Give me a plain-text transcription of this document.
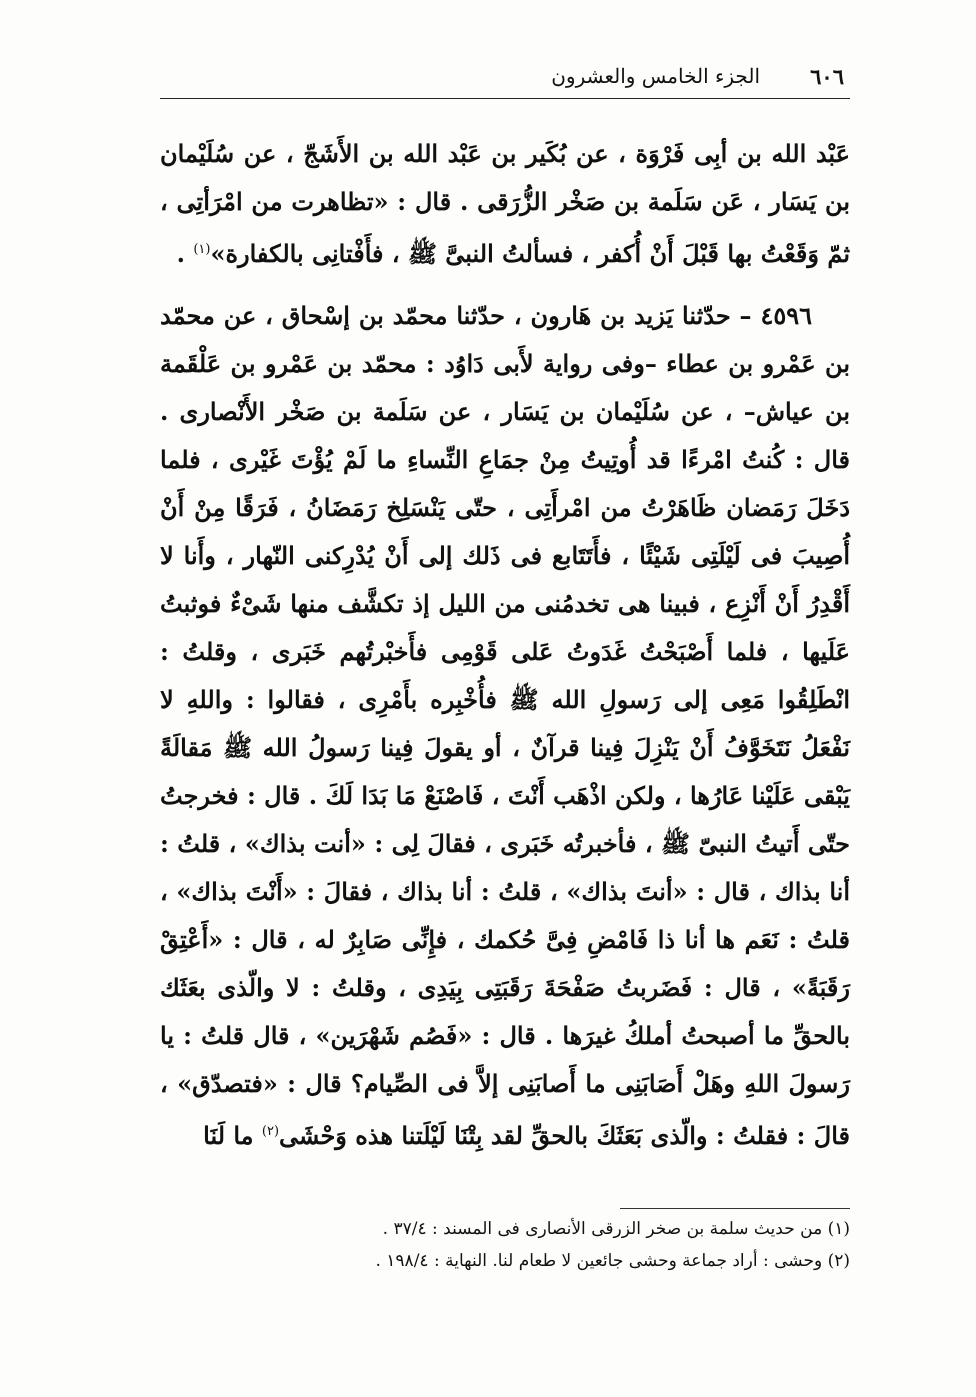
٦٠٦
الجزء الخامس والعشرون

عَبْد الله بن أبِى فَرْوَة ، عن بُكَير بن عَبْد الله بن الأَشَجّ ، عن سُلَيْمان بن يَسَار ، عَن سَلَمة بن صَخْر الزُّرَقى . قال : «تظاهرت من امْرَأتِى ، ثمّ وَقَعْتُ بها قَبْلَ أَنْ أُكفر ، فسألتُ النبىَّ ﷺ ، فأَفْتانِى بالكفارة»$^{(١)}$ .

٤٥٩٦ – حدّثنا يَزيد بن هَارون ، حدّثنا محمّد بن إسْحاق ، عن محمّد بن عَمْرو بن عطاء –وفى رواية لأَبى دَاوُد : محمّد بن عَمْرو بن عَلْقَمة بن عياش– ، عن سُلَيْمان بن يَسَار ، عن سَلَمة بن صَخْر الأَنْصارى . قال : كُنتُ امْرءًا قد أُوتِيتُ مِنْ جمَاعِ النِّساءِ ما لَمْ يُؤْتَ غَيْرى ، فلما دَخَلَ رَمَضان ظَاهَرْتُ من امْرأَتِى ، حتّى يَنْسَلِخ رَمَضَانُ ، فَرَقًا مِنْ أَنْ أُصِيبَ فى لَيْلَتِى شَيْئًا ، فأَتَتَابع فى ذَلك إلى أَنْ يُدْرِكنى النّهار ، وأَنا لا أَقْدِرُ أَنْ أَنْزِع ، فبينا هى تخدمُنى من الليل إذ تكشَّف منها شَىْءٌ فوثبتُ عَلَيها ، فلما أَصْبَحْتُ غَدَوتُ عَلى قَوْمِى فأَخبْرتُهم خَبَرى ، وقلتُ : انْطَلِقُوا مَعِى إلى رَسولِ الله ﷺ فأُخْبِره بأَمْرِى ، فقالوا : واللهِ لا نَفْعَلُ نَتَخَوَّفُ أَنْ يَنْزِلَ فِينا قرآنٌ ، أو يقولَ فِينا رَسولُ الله ﷺ مَقالَةً يَبْقى عَلَيْنا عَارُها ، ولكن اذْهَب أَنْتَ ، فَاصْنَعْ مَا بَدَا لَكَ . قال : فخرجتُ حتّى أَتيتُ النبىّ ﷺ ، فأخبرتُه خَبَرى ، فقالَ لِى : «أنت بذاك» ، قلتُ : أنا بذاك ، قال : «أنتَ بذاك» ، قلتُ : أنا بذاك ، فقالَ : «أَنْتَ بذاك» ، قلتُ : نَعَم ها أنا ذا فَامْضِ فِىَّ حُكمك ، فإِنِّى صَابِرٌ له ، قال : «أَعْتِقْ رَقَبَةً» ، قال : فَضَربتُ صَفْحَةَ رَقَبَتِى بِيَدِى ، وقلتُ : لا والّذى بعَثَك بالحقِّ ما أصبحتُ أملكُ غيرَها . قال : «فَصُم شَهْرَين» ، قال قلتُ : يا رَسولَ اللهِ وهَلْ أَصَابَنِى ما أَصابَنِى إلاَّ فى الصِّيام؟ قال : «فتصدّق» ، قالَ : فقلتُ : والّذى بَعَثَكَ بالحقِّ لقد بِتْنَا لَيْلَتنا هذه وَحْشَى$^{(٢)}$ ما لَنَا

(١) من حديث سلمة بن صخر الزرقى الأنصارى فى المسند : ٣٧/٤ .

(٢) وحشى : أراد جماعة وحشى جائعين لا طعام لنا. النهاية : ١٩٨/٤ .
